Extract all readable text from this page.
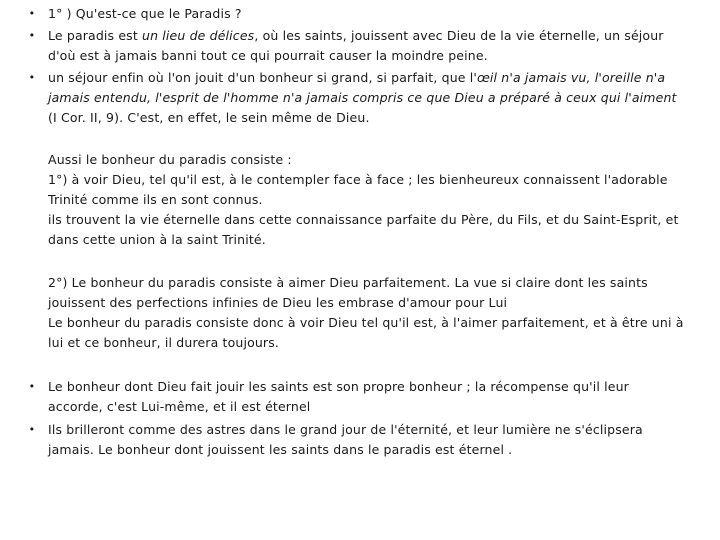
• 1° ) Qu'est-ce que le Paradis ?
• Le paradis est un lieu de délices, où les saints, jouissent avec Dieu de la vie éternelle, un séjour
d'où est à jamais banni tout ce qui pourrait causer la moindre peine.
• un séjour enfin où l'on jouit d'un bonheur si grand, si parfait, que l'œil n'a jamais vu, l'oreille n'a
jamais entendu, l'esprit de l'homme n'a jamais compris ce que Dieu a préparé à ceux qui l'aiment
(I Cor. II, 9). C'est, en effet, le sein même de Dieu.
Aussi le bonheur du paradis consiste :
1°) à voir Dieu, tel qu'il est, à le contempler face à face ; les bienheureux connaissent l'adorable
Trinité comme ils en sont connus.
ils trouvent la vie éternelle dans cette connaissance parfaite du Père, du Fils, et du Saint-Esprit, et
dans cette union à la saint Trinité.
2°) Le bonheur du paradis consiste à aimer Dieu parfaitement. La vue si claire dont les saints
jouissent des perfections infinies de Dieu les embrase d'amour pour Lui
Le bonheur du paradis consiste donc à voir Dieu tel qu'il est, à l'aimer parfaitement, et à être uni à
lui et ce bonheur, il durera toujours.
• Le bonheur dont Dieu fait jouir les saints est son propre bonheur ; la récompense qu'il leur
accorde, c'est Lui-même, et il est éternel
• Ils brilleront comme des astres dans le grand jour de l'éternité, et leur lumière ne s'éclipsera
jamais. Le bonheur dont jouissent les saints dans le paradis est éternel .
